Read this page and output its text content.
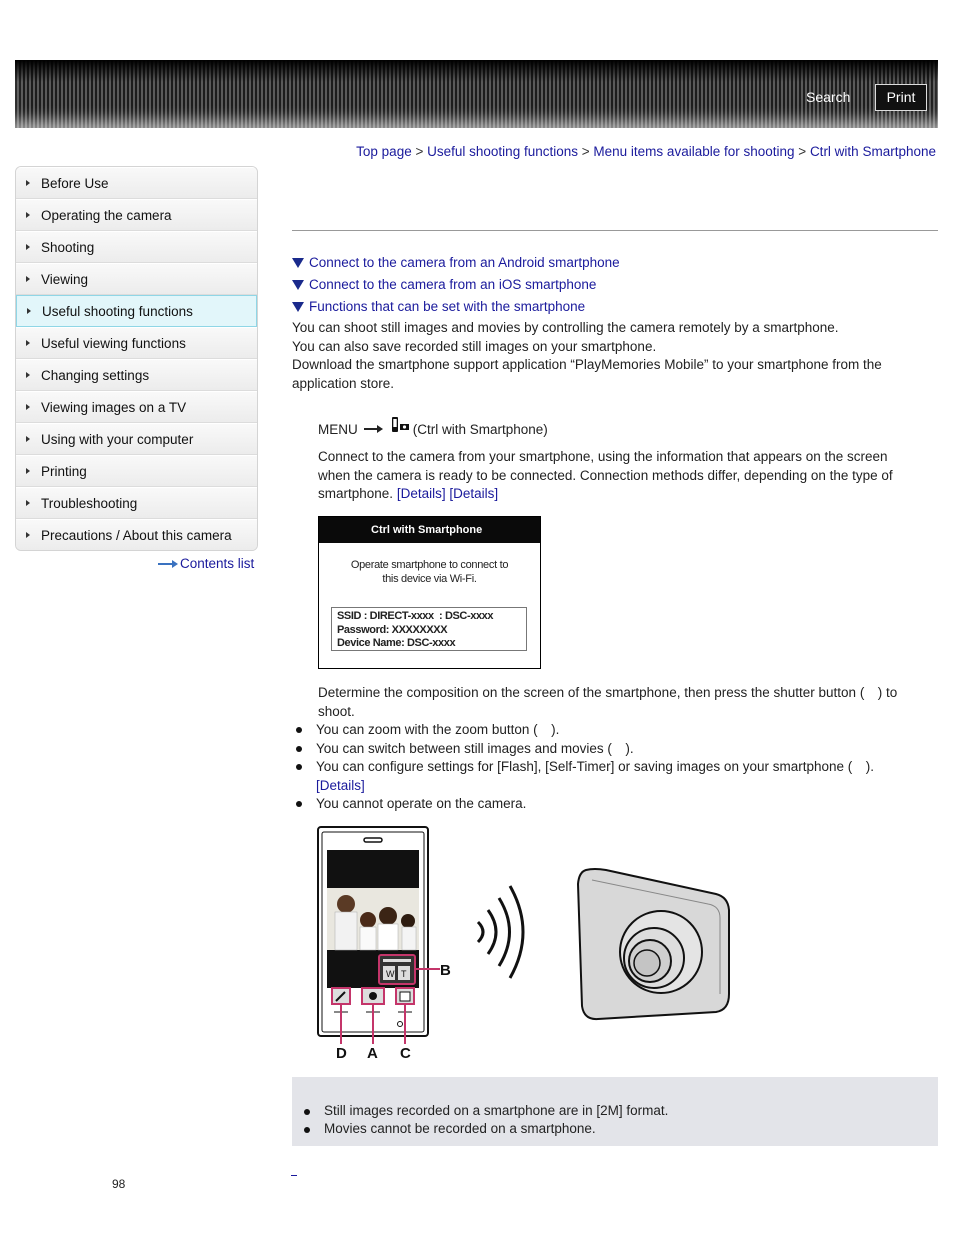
Search	Print
Top page > Useful shooting functions > Menu items available for shooting > Ctrl with Smartphone
Before Use
Operating the camera
Shooting
Viewing
Useful shooting functions
Useful viewing functions
Changing settings
Viewing images on a TV
Using with your computer
Printing
Troubleshooting
Precautions / About this camera
Contents list
Connect to the camera from an Android smartphone
Connect to the camera from an iOS smartphone
Functions that can be set with the smartphone
You can shoot still images and movies by controlling the camera remotely by a smartphone.
You can also save recorded still images on your smartphone.
Download the smartphone support application “PlayMemories Mobile” to your smartphone from the application store.
MENU	(Ctrl with Smartphone)
Connect to the camera from your smartphone, using the information that appears on the screen when the camera is ready to be connected. Connection methods differ, depending on the type of smartphone. [Details] [Details]
Ctrl with Smartphone
Operate smartphone to connect to
this device via Wi-Fi.
SSID : DIRECT-xxxx  : DSC-xxxx
Password: XXXXXXXX
Device Name: DSC-xxxx
Determine the composition on the screen of the smartphone, then press the shutter button ( ) to shoot.
You can zoom with the zoom button ( ).
You can switch between still images and movies ( ).
You can configure settings for [Flash], [Self-Timer] or saving images on your smartphone ( ).
[Details]
You cannot operate on the camera.
W T
D A C
B
Still images recorded on a smartphone are in [2M] format.
Movies cannot be recorded on a smartphone.
98
